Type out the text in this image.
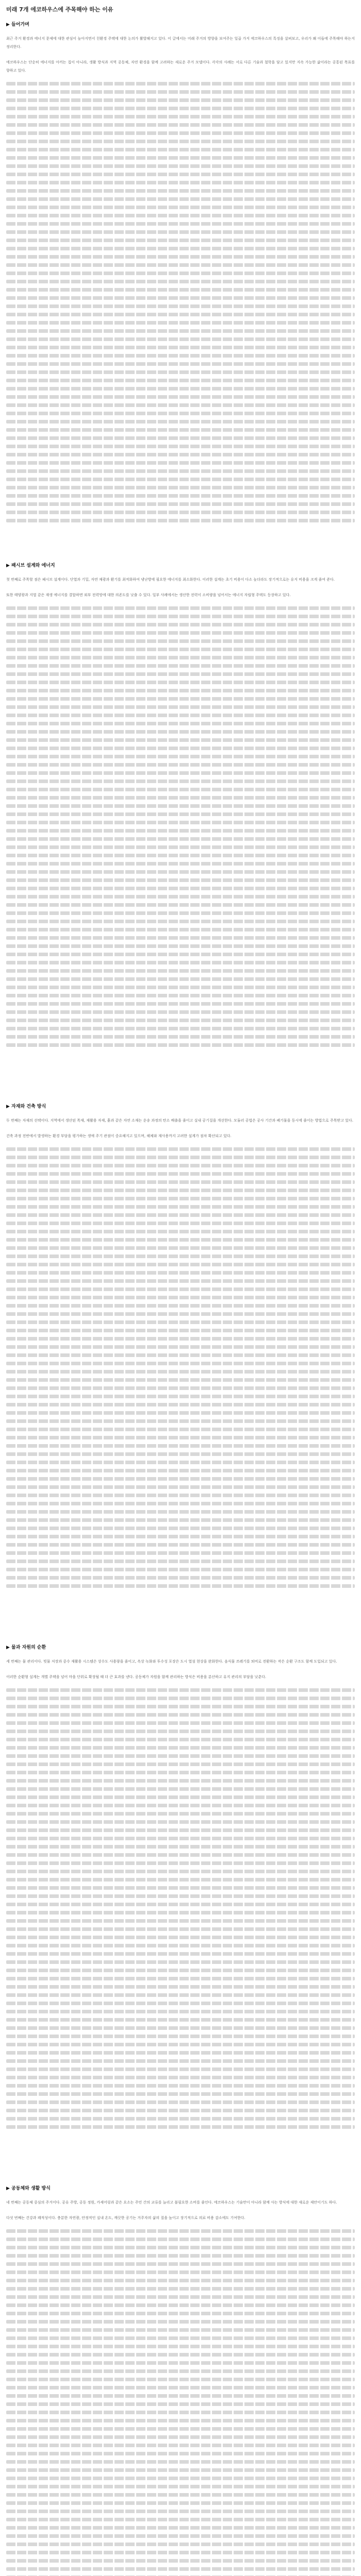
미래 7개 에코하우스에 주목해야 하는 이유
▶ 들어가며

최근 주거 환경과 에너지 문제에 대한 관심이 높아지면서 친환경 주택에 대한 논의가 활발해지고 있다. 이 글에서는 미래 주거의 방향을 보여주는 일곱 가지 에코하우스의 특징을 살펴보고, 우리가 왜 이들에 주목해야 하는지 정리한다.

에코하우스는 단순히 에너지를 아끼는 집이 아니라, 생활 방식과 지역 공동체, 자연 환경을 함께 고려하는 새로운 주거 모델이다. 각각의 사례는 서로 다른 기술과 철학을 담고 있지만 지속 가능한 삶이라는 공통된 목표를 향하고 있다.

▶ 패시브 설계와 에너지

첫 번째로 주목할 점은 패시브 설계이다. 단열과 기밀, 자연 채광과 환기를 최적화하여 냉난방에 필요한 에너지를 최소화한다. 이러한 설계는 초기 비용이 다소 높더라도 장기적으로는 유지 비용을 크게 줄여 준다.

또한 태양광과 지열 같은 재생 에너지를 결합하면 외부 전력망에 대한 의존도를 낮출 수 있다. 일부 사례에서는 생산한 전력이 소비량을 넘어서는 에너지 자립형 주택도 등장하고 있다.

▶ 자재와 건축 방식

두 번째는 자재의 선택이다. 지역에서 생산된 목재, 재활용 자재, 흙과 같은 자연 소재는 운송 과정의 탄소 배출을 줄이고 실내 공기질을 개선한다. 모듈러 공법은 공사 기간과 폐기물을 동시에 줄이는 방법으로 주목받고 있다.

건축 과정 전반에서 발생하는 환경 부담을 평가하는 생애 주기 관점이 중요해지고 있으며, 해체와 재사용까지 고려한 설계가 점차 확산되고 있다.

▶ 물과 자원의 순환

세 번째는 물 관리이다. 빗물 저장과 중수 재활용 시스템은 상수도 사용량을 줄이고, 옥상 녹화와 투수성 포장은 도시 열섬 현상을 완화한다. 음식물 쓰레기를 퇴비로 전환하는 작은 순환 구조도 함께 도입되고 있다.

이러한 순환형 설계는 개별 주택을 넘어 마을 단위로 확장될 때 더 큰 효과를 낸다. 공동체가 자원을 함께 관리하는 방식은 비용을 분산하고 유지 관리의 부담을 낮춘다.

▶ 공동체와 생활 방식

네 번째는 공동체 중심의 주거이다. 공유 주방, 공동 정원, 카셰어링과 같은 요소는 주민 간의 교류를 늘리고 불필요한 소비를 줄인다. 에코하우스는 기술만이 아니라 함께 사는 방식에 대한 새로운 제안이기도 하다.

다섯 번째는 건강과 쾌적성이다. 충분한 자연광, 안정적인 실내 온도, 깨끗한 공기는 거주자의 삶의 질을 높이고 장기적으로 의료 비용 감소에도 기여한다.
